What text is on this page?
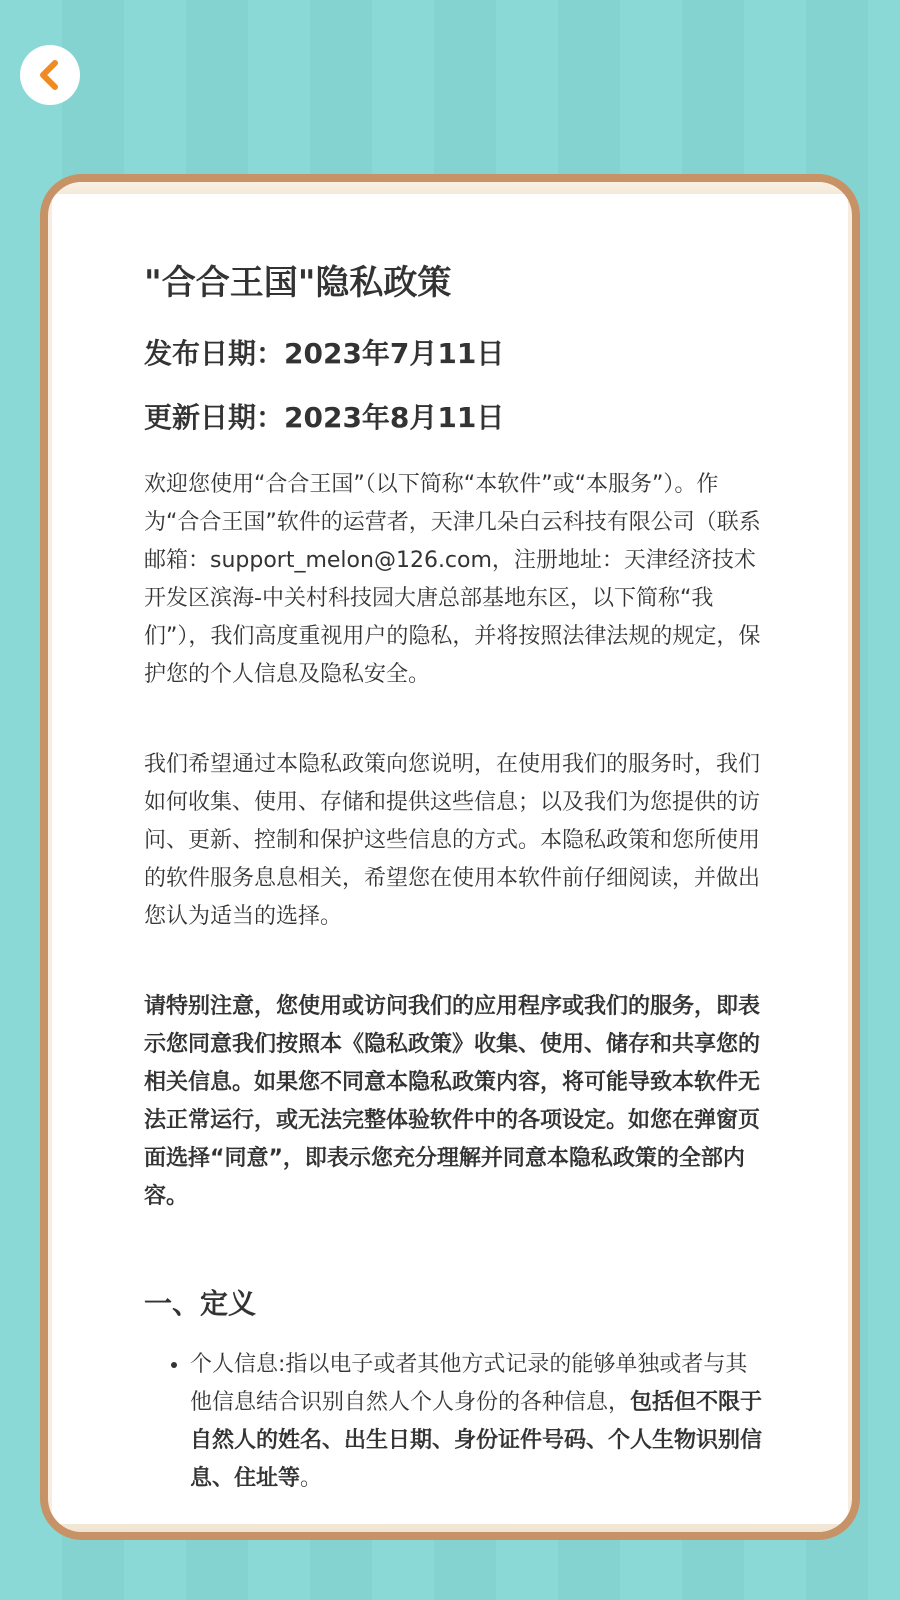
"合合王国"隐私政策
发布日期：2023年7月11日
更新日期：2023年8月11日

欢迎您使用“合合王国”（以下简称“本软件”或“本服务”）。作为“合合王国”软件的运营者，天津几朵白云科技有限公司（联系邮箱：support_melon@126.com，注册地址：天津经济技术开发区滨海-中关村科技园大唐总部基地东区，以下简称“我们”），我们高度重视用户的隐私，并将按照法律法规的规定，保护您的个人信息及隐私安全。

我们希望通过本隐私政策向您说明，在使用我们的服务时，我们如何收集、使用、存储和提供这些信息；以及我们为您提供的访问、更新、控制和保护这些信息的方式。本隐私政策和您所使用的软件服务息息相关，希望您在使用本软件前仔细阅读，并做出您认为适当的选择。

请特别注意，您使用或访问我们的应用程序或我们的服务，即表示您同意我们按照本《隐私政策》收集、使用、储存和共享您的相关信息。如果您不同意本隐私政策内容，将可能导致本软件无法正常运行，或无法完整体验软件中的各项设定。如您在弹窗页面选择“同意”，即表示您充分理解并同意本隐私政策的全部内容。

一、定义
• 个人信息:指以电子或者其他方式记录的能够单独或者与其他信息结合识别自然人个人身份的各种信息，包括但不限于自然人的姓名、出生日期、身份证件号码、个人生物识别信息、住址等。
